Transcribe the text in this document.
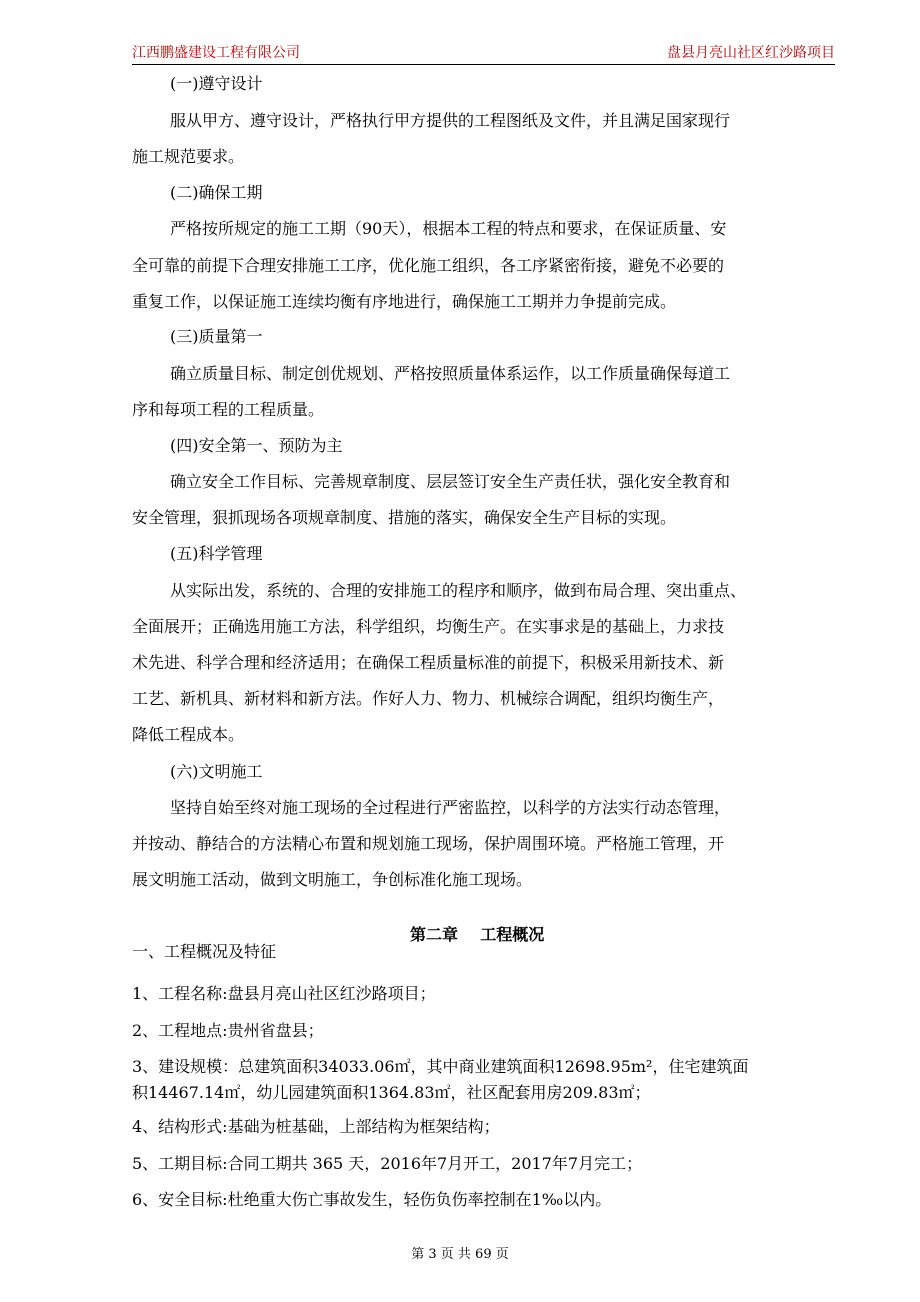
江西鹏盛建设工程有限公司	盘县月亮山社区红沙路项目

(一)遵守设计

服从甲方、遵守设计，严格执行甲方提供的工程图纸及文件，并且满足国家现行

施工规范要求。

(二)确保工期

严格按所规定的施工工期（90天），根据本工程的特点和要求，在保证质量、安

全可靠的前提下合理安排施工工序，优化施工组织，各工序紧密衔接，避免不必要的

重复工作，以保证施工连续均衡有序地进行，确保施工工期并力争提前完成。

(三)质量第一

确立质量目标、制定创优规划、严格按照质量体系运作，以工作质量确保每道工

序和每项工程的工程质量。

(四)安全第一、预防为主

确立安全工作目标、完善规章制度、层层签订安全生产责任状，强化安全教育和

安全管理，狠抓现场各项规章制度、措施的落实，确保安全生产目标的实现。

(五)科学管理

从实际出发，系统的、合理的安排施工的程序和顺序，做到布局合理、突出重点、

全面展开；正确选用施工方法，科学组织，均衡生产。在实事求是的基础上，力求技

术先进、科学合理和经济适用；在确保工程质量标准的前提下，积极采用新技术、新

工艺、新机具、新材料和新方法。作好人力、物力、机械综合调配，组织均衡生产，

降低工程成本。

(六)文明施工

坚持自始至终对施工现场的全过程进行严密监控，以科学的方法实行动态管理，

并按动、静结合的方法精心布置和规划施工现场，保护周围环境。严格施工管理，开

展文明施工活动，做到文明施工，争创标准化施工现场。

第二章    工程概况

一、工程概况及特征

1、工程名称:盘县月亮山社区红沙路项目；

2、工程地点:贵州省盘县；

3、建设规模：总建筑面积34033.06㎡，其中商业建筑面积12698.95m²，住宅建筑面

积14467.14㎡，幼儿园建筑面积1364.83㎡，社区配套用房209.83㎡；

4、结构形式:基础为桩基础，上部结构为框架结构；

5、工期目标:合同工期共 365 天，2016年7月开工，2017年7月完工；

6、安全目标:杜绝重大伤亡事故发生，轻伤负伤率控制在1‰以内。

第 3 页 共 69 页
